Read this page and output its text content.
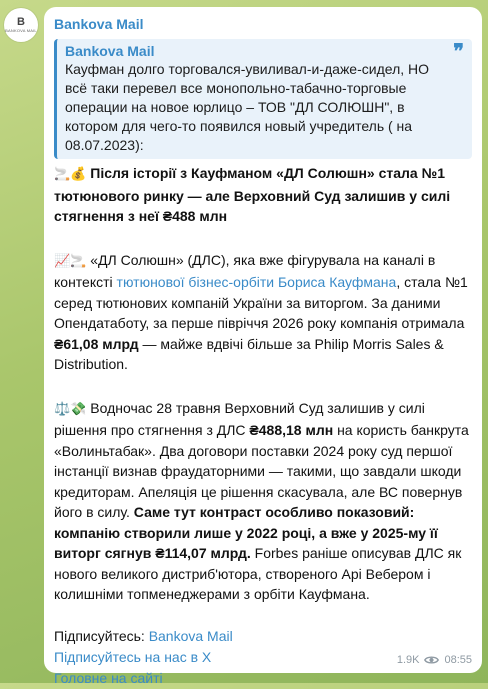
B
BANKOVA MAIL Bankova Mail
Bankova Mail
Кауфман долго торговался-увиливал-и-даже-сидел, НО всё таки перевел все монопольно-табачно-торговые операции на новое юрлицо – ТОВ "ДЛ СОЛЮШН", в котором для чего-то появился новый учредитель ( на 08.07.2023):
❞
🚬💰 Після історії з Кауфманом «ДЛ Солюшн» стала №1 тютюнового ринку — але Верховний Суд залишив у силі стягнення з неї ₴488 млн
📈🚬 «ДЛ Солюшн» (ДЛС), яка вже фігурувала на каналі в контексті тютюнової бізнес-орбіти Бориса Кауфмана, стала №1 серед тютюнових компаній України за виторгом. За даними Опендатаботу, за перше півріччя 2026 року компанія отримала ₴61,08 млрд — майже вдвічі більше за Philip Morris Sales & Distribution.
⚖️💸 Водночас 28 травня Верховний Суд залишив у силі рішення про стягнення з ДЛС ₴488,18 млн на користь банкрута «Волиньтабак». Два договори поставки 2024 року суд першої інстанції визнав фраудаторними — такими, що завдали шкоди кредиторам. Апеляція це рішення скасувала, але ВС повернув його в силу. Саме тут контраст особливо показовий: компанію створили лише у 2022 році, а вже у 2025-му її виторг сягнув ₴114,07 млрд. Forbes раніше описував ДЛС як нового великого дистриб'ютора, створеного Арі Вебером і колишніми топменеджерами з орбіти Кауфмана.
Підписуйтесь: Bankova Mail
Підписуйтесь на нас в X
Головне на сайті
1.9K 08:55
